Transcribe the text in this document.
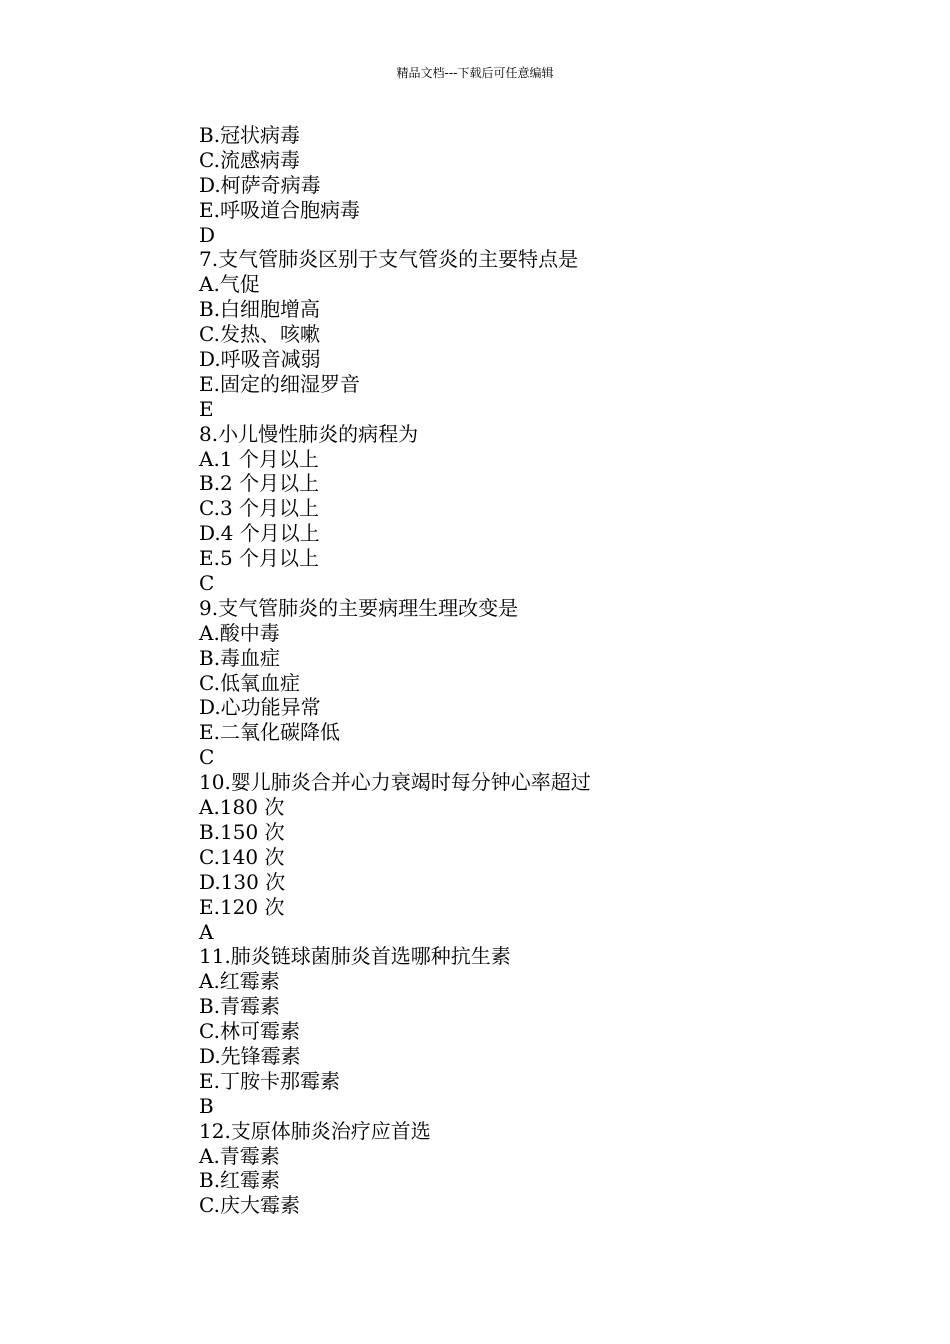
精品文档---下载后可任意编辑
B.冠状病毒
C.流感病毒
D.柯萨奇病毒
E.呼吸道合胞病毒
D
7.支气管肺炎区别于支气管炎的主要特点是
A.气促
B.白细胞增高
C.发热、咳嗽
D.呼吸音减弱
E.固定的细湿罗音
E
8.小儿慢性肺炎的病程为
A.1 个月以上
B.2 个月以上
C.3 个月以上
D.4 个月以上
E.5 个月以上
C
9.支气管肺炎的主要病理生理改变是
A.酸中毒
B.毒血症
C.低氧血症
D.心功能异常
E.二氧化碳降低
C
10.婴儿肺炎合并心力衰竭时每分钟心率超过
A.180 次
B.150 次
C.140 次
D.130 次
E.120 次
A
11.肺炎链球菌肺炎首选哪种抗生素
A.红霉素
B.青霉素
C.林可霉素
D.先锋霉素
E.丁胺卡那霉素
B
12.支原体肺炎治疗应首选
A.青霉素
B.红霉素
C.庆大霉素
